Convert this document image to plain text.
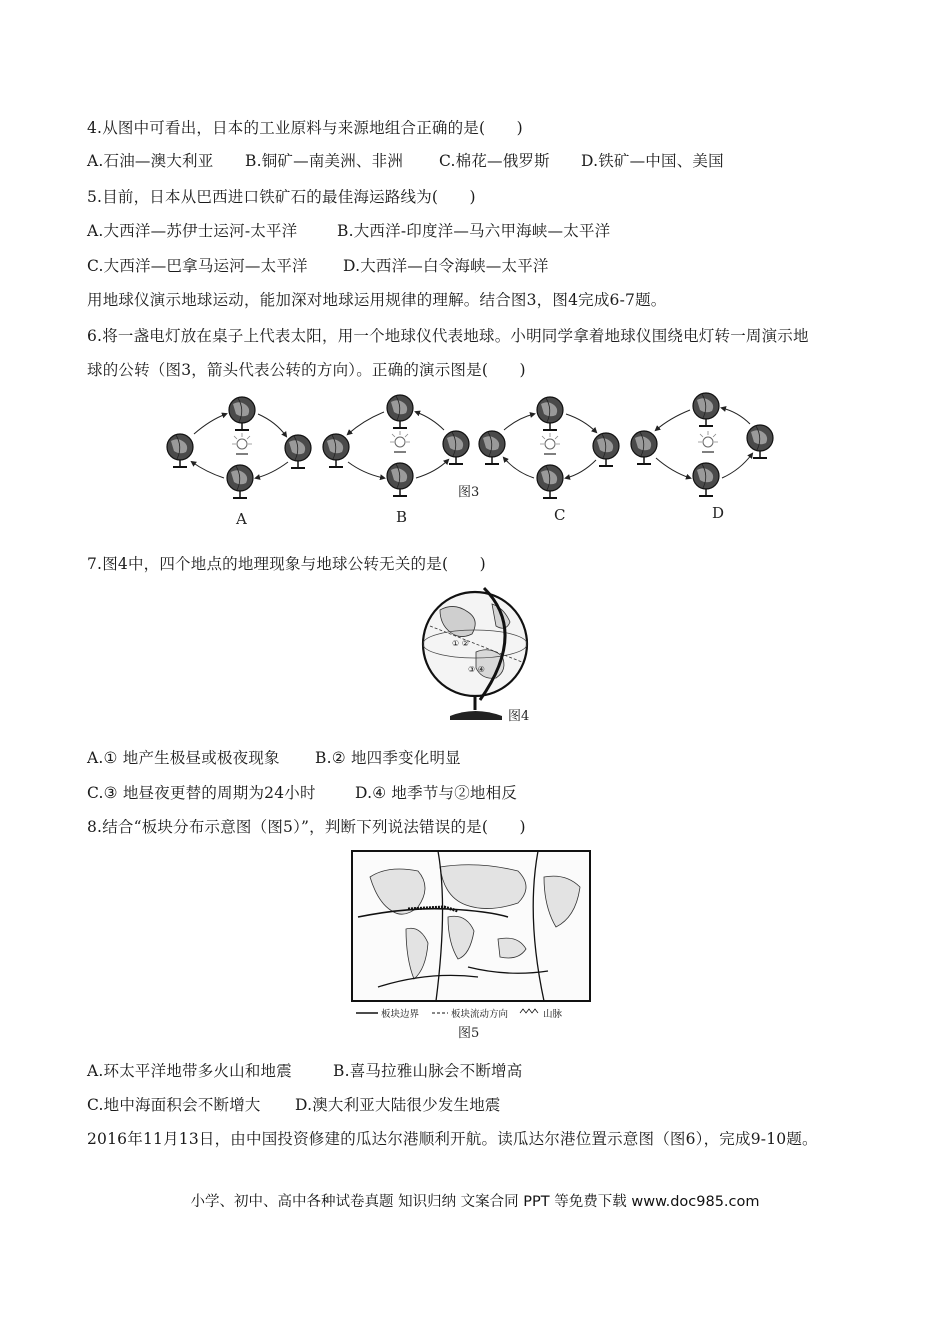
4.从图中可看出，日本的工业原料与来源地组合正确的是(　　)
A.石油—澳大利亚 B.铜矿—南美洲、非洲 C.棉花—俄罗斯 D.铁矿—中国、美国
5.目前，日本从巴西进口铁矿石的最佳海运路线为(　　)
A.大西洋—苏伊士运河-太平洋	B.大西洋-印度洋—马六甲海峡—太平洋
C.大西洋—巴拿马运河—太平洋 D.大西洋—白令海峡—太平洋
用地球仪演示地球运动，能加深对地球运用规律的理解。结合图3，图4完成6-7题。
6.将一盏电灯放在桌子上代表太阳，用一个地球仪代表地球。小明同学拿着地球仪围绕电灯转一周演示地
球的公转（图3，箭头代表公转的方向）。正确的演示图是(　　)
图3
A	B	C	D
7.图4中，四个地点的地理现象与地球公转无关的是(　　)
① ②
③ ④
图4
A.① 地产生极昼或极夜现象 B.② 地四季变化明显
C.③ 地昼夜更替的周期为24小时	D.④ 地季节与②地相反
8.结合“板块分布示意图（图5）”，判断下列说法错误的是(　　)
板块边界	板块流动方向	山脉
图5
A.环太平洋地带多火山和地震	B.喜马拉雅山脉会不断增高
C.地中海面积会不断增大 D.澳大利亚大陆很少发生地震
2016年11月13日，由中国投资修建的瓜达尔港顺利开航。读瓜达尔港位置示意图（图6），完成9-10题。
小学、初中、高中各种试卷真题 知识归纳 文案合同 PPT 等免费下载 www.doc985.com
